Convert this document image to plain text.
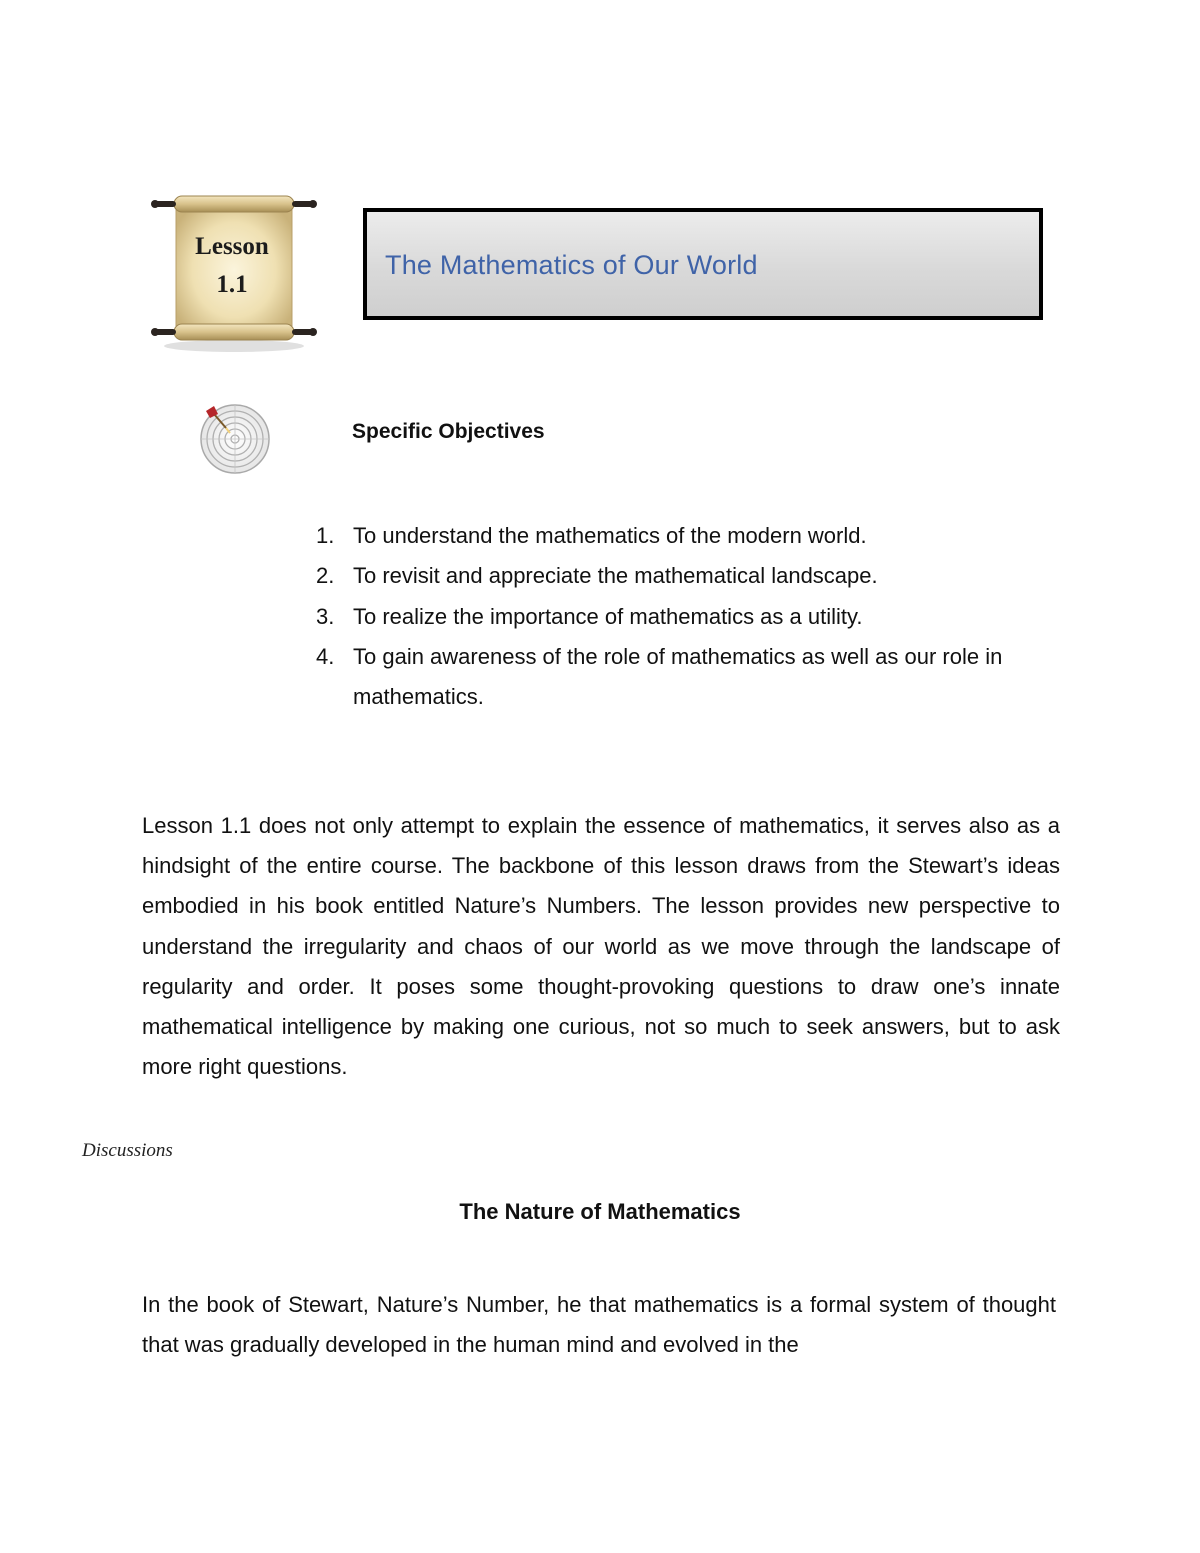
Lesson
1.1
The Mathematics of Our World
Specific Objectives
1. To understand the mathematics of the modern world.
2. To revisit and appreciate the mathematical landscape.
3. To realize the importance of mathematics as a utility.
4. To gain awareness of the role of mathematics as well as our role in mathematics.

Lesson 1.1 does not only attempt to explain the essence of mathematics, it serves also as a hindsight of the entire course. The backbone of this lesson draws from the Stewart’s ideas embodied in his book entitled Nature’s Numbers. The lesson provides new perspective to understand the irregularity and chaos of our world as we move through the landscape of regularity and order. It poses some thought-provoking questions to draw one’s innate mathematical intelligence by making one curious, not so much to seek answers, but to ask more right questions.

Discussions
The Nature of Mathematics

In the book of Stewart, Nature’s Number, he that mathematics is a formal system of thought that was gradually developed in the human mind and evolved in the
